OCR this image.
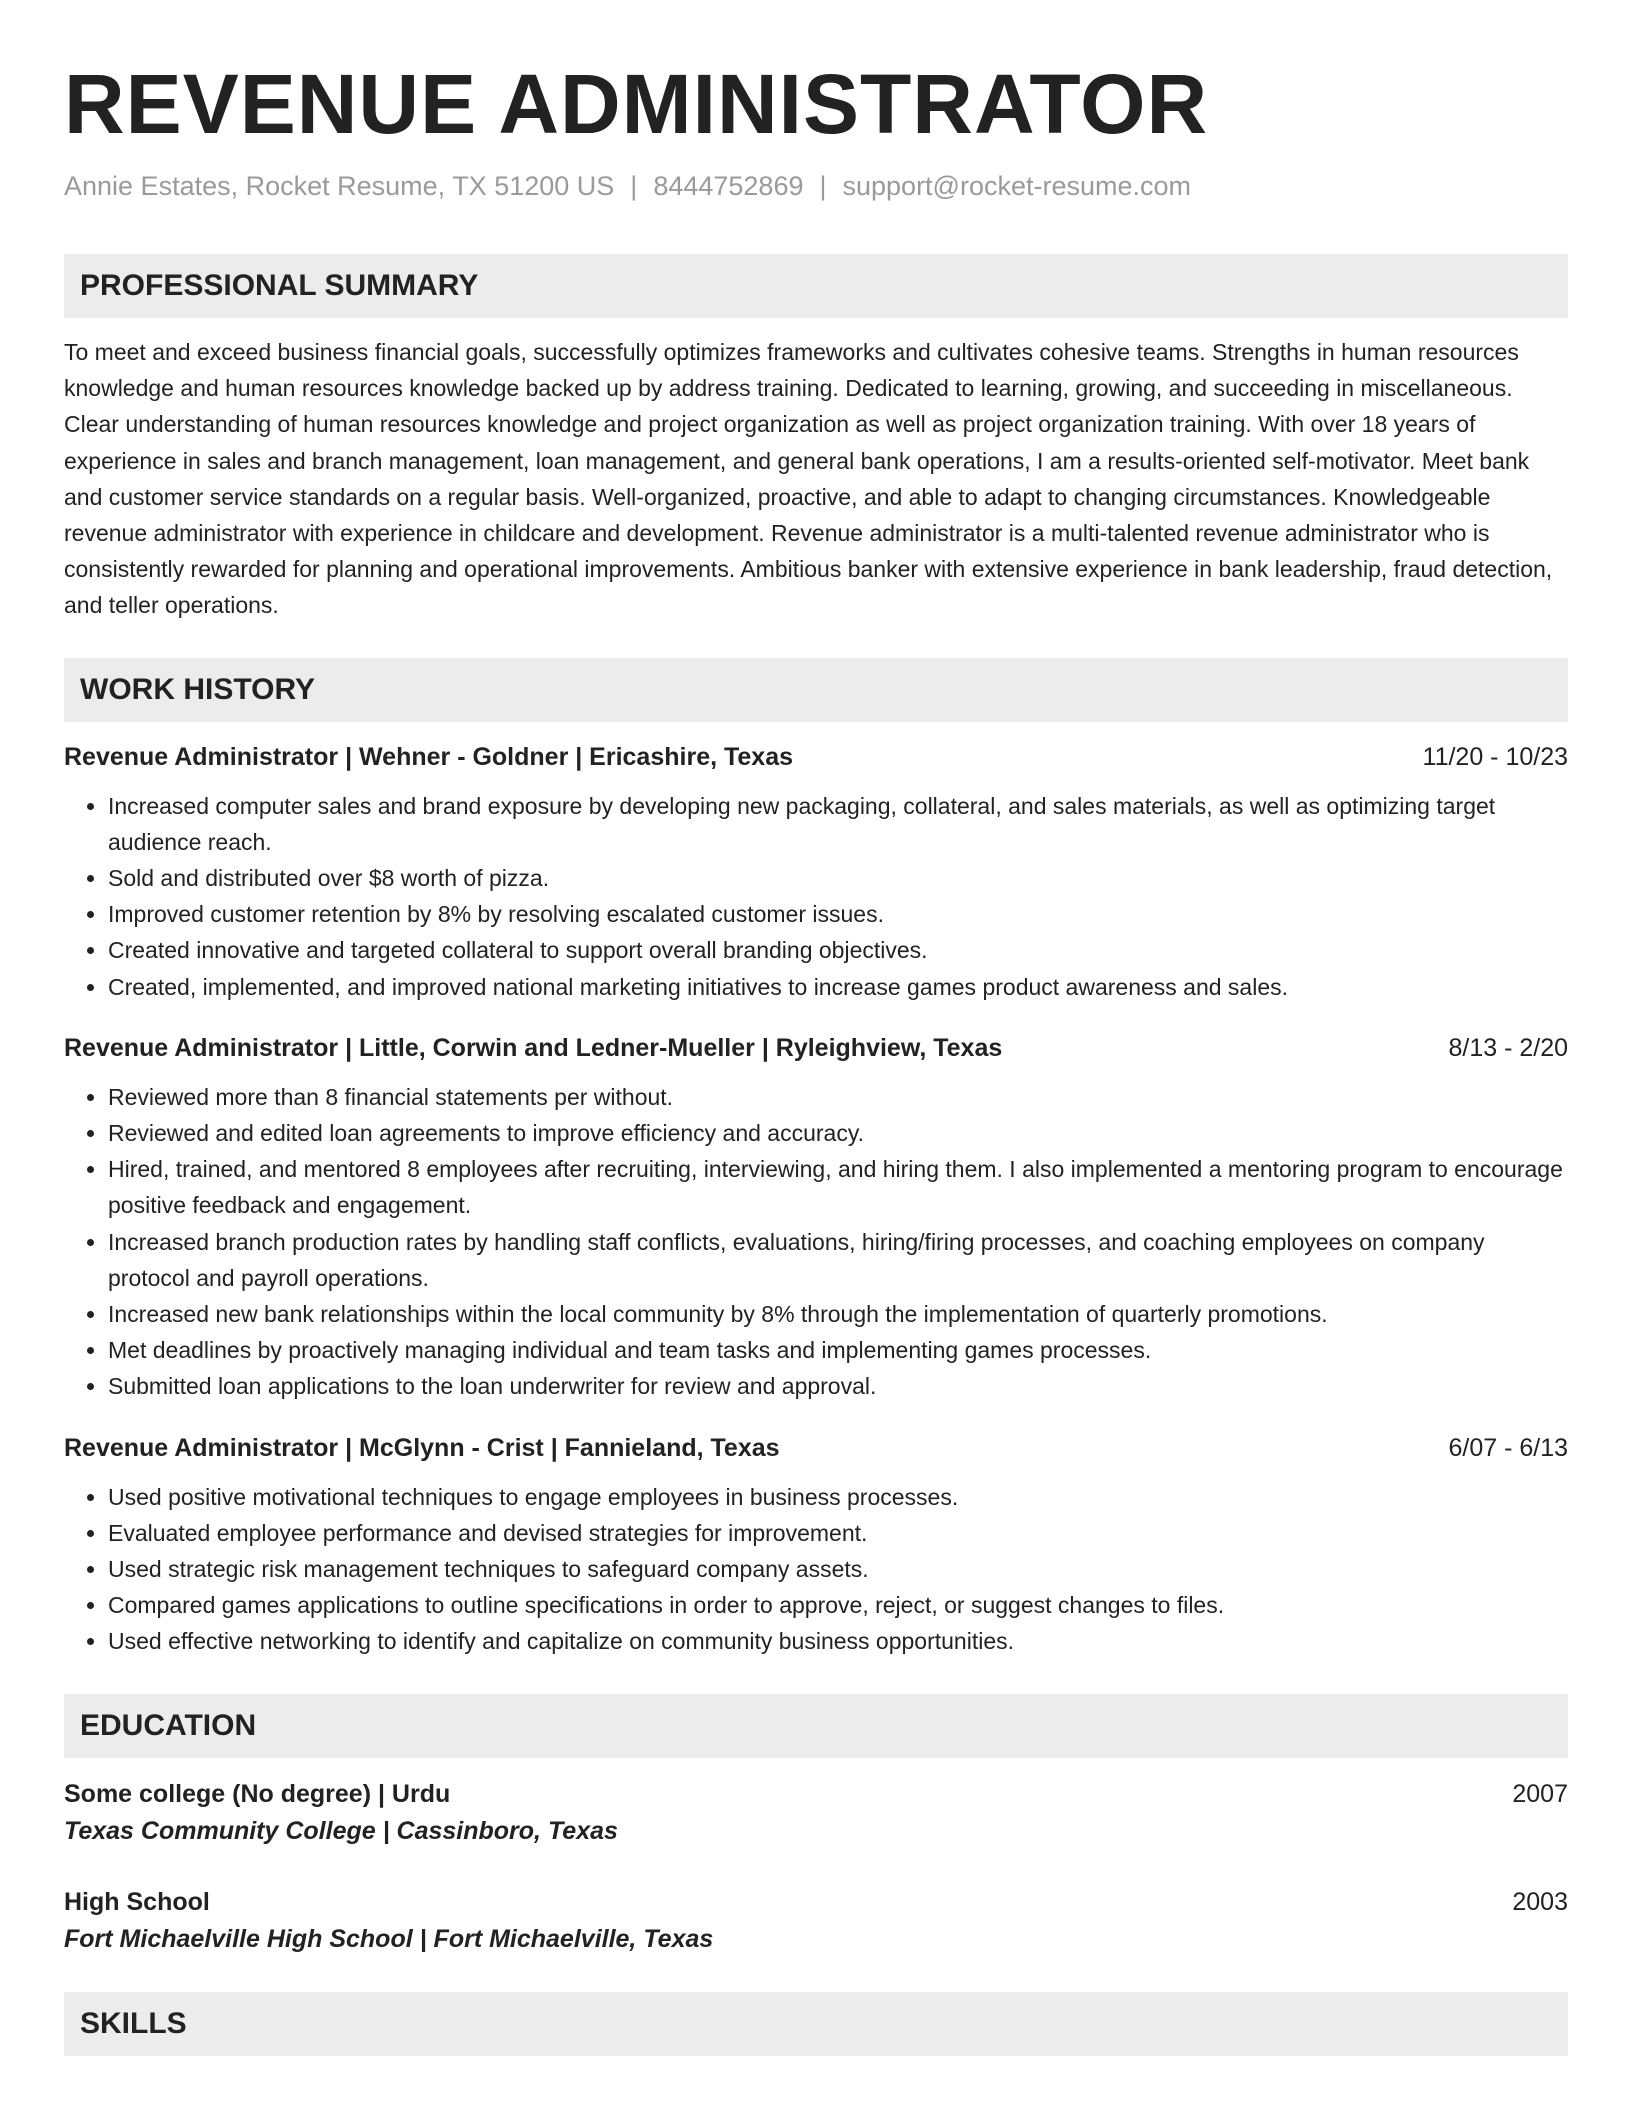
REVENUE ADMINISTRATOR
Annie Estates, Rocket Resume, TX 51200 US | 8444752869 | support@rocket-resume.com
PROFESSIONAL SUMMARY
To meet and exceed business financial goals, successfully optimizes frameworks and cultivates cohesive teams. Strengths in human resources knowledge and human resources knowledge backed up by address training. Dedicated to learning, growing, and succeeding in miscellaneous. Clear understanding of human resources knowledge and project organization as well as project organization training. With over 18 years of experience in sales and branch management, loan management, and general bank operations, I am a results-oriented self-motivator. Meet bank and customer service standards on a regular basis. Well-organized, proactive, and able to adapt to changing circumstances. Knowledgeable revenue administrator with experience in childcare and development. Revenue administrator is a multi-talented revenue administrator who is consistently rewarded for planning and operational improvements. Ambitious banker with extensive experience in bank leadership, fraud detection, and teller operations.
WORK HISTORY
Revenue Administrator | Wehner - Goldner | Ericashire, Texas	11/20 - 10/23
• Increased computer sales and brand exposure by developing new packaging, collateral, and sales materials, as well as optimizing target audience reach.
• Sold and distributed over $8 worth of pizza.
• Improved customer retention by 8% by resolving escalated customer issues.
• Created innovative and targeted collateral to support overall branding objectives.
• Created, implemented, and improved national marketing initiatives to increase games product awareness and sales.
Revenue Administrator | Little, Corwin and Ledner-Mueller | Ryleighview, Texas	8/13 - 2/20
• Reviewed more than 8 financial statements per without.
• Reviewed and edited loan agreements to improve efficiency and accuracy.
• Hired, trained, and mentored 8 employees after recruiting, interviewing, and hiring them. I also implemented a mentoring program to encourage positive feedback and engagement.
• Increased branch production rates by handling staff conflicts, evaluations, hiring/firing processes, and coaching employees on company protocol and payroll operations.
• Increased new bank relationships within the local community by 8% through the implementation of quarterly promotions.
• Met deadlines by proactively managing individual and team tasks and implementing games processes.
• Submitted loan applications to the loan underwriter for review and approval.
Revenue Administrator | McGlynn - Crist | Fannieland, Texas	6/07 - 6/13
• Used positive motivational techniques to engage employees in business processes.
• Evaluated employee performance and devised strategies for improvement.
• Used strategic risk management techniques to safeguard company assets.
• Compared games applications to outline specifications in order to approve, reject, or suggest changes to files.
• Used effective networking to identify and capitalize on community business opportunities.
EDUCATION
Some college (No degree) | Urdu	2007
Texas Community College | Cassinboro, Texas
High School	2003
Fort Michaelville High School | Fort Michaelville, Texas
SKILLS
